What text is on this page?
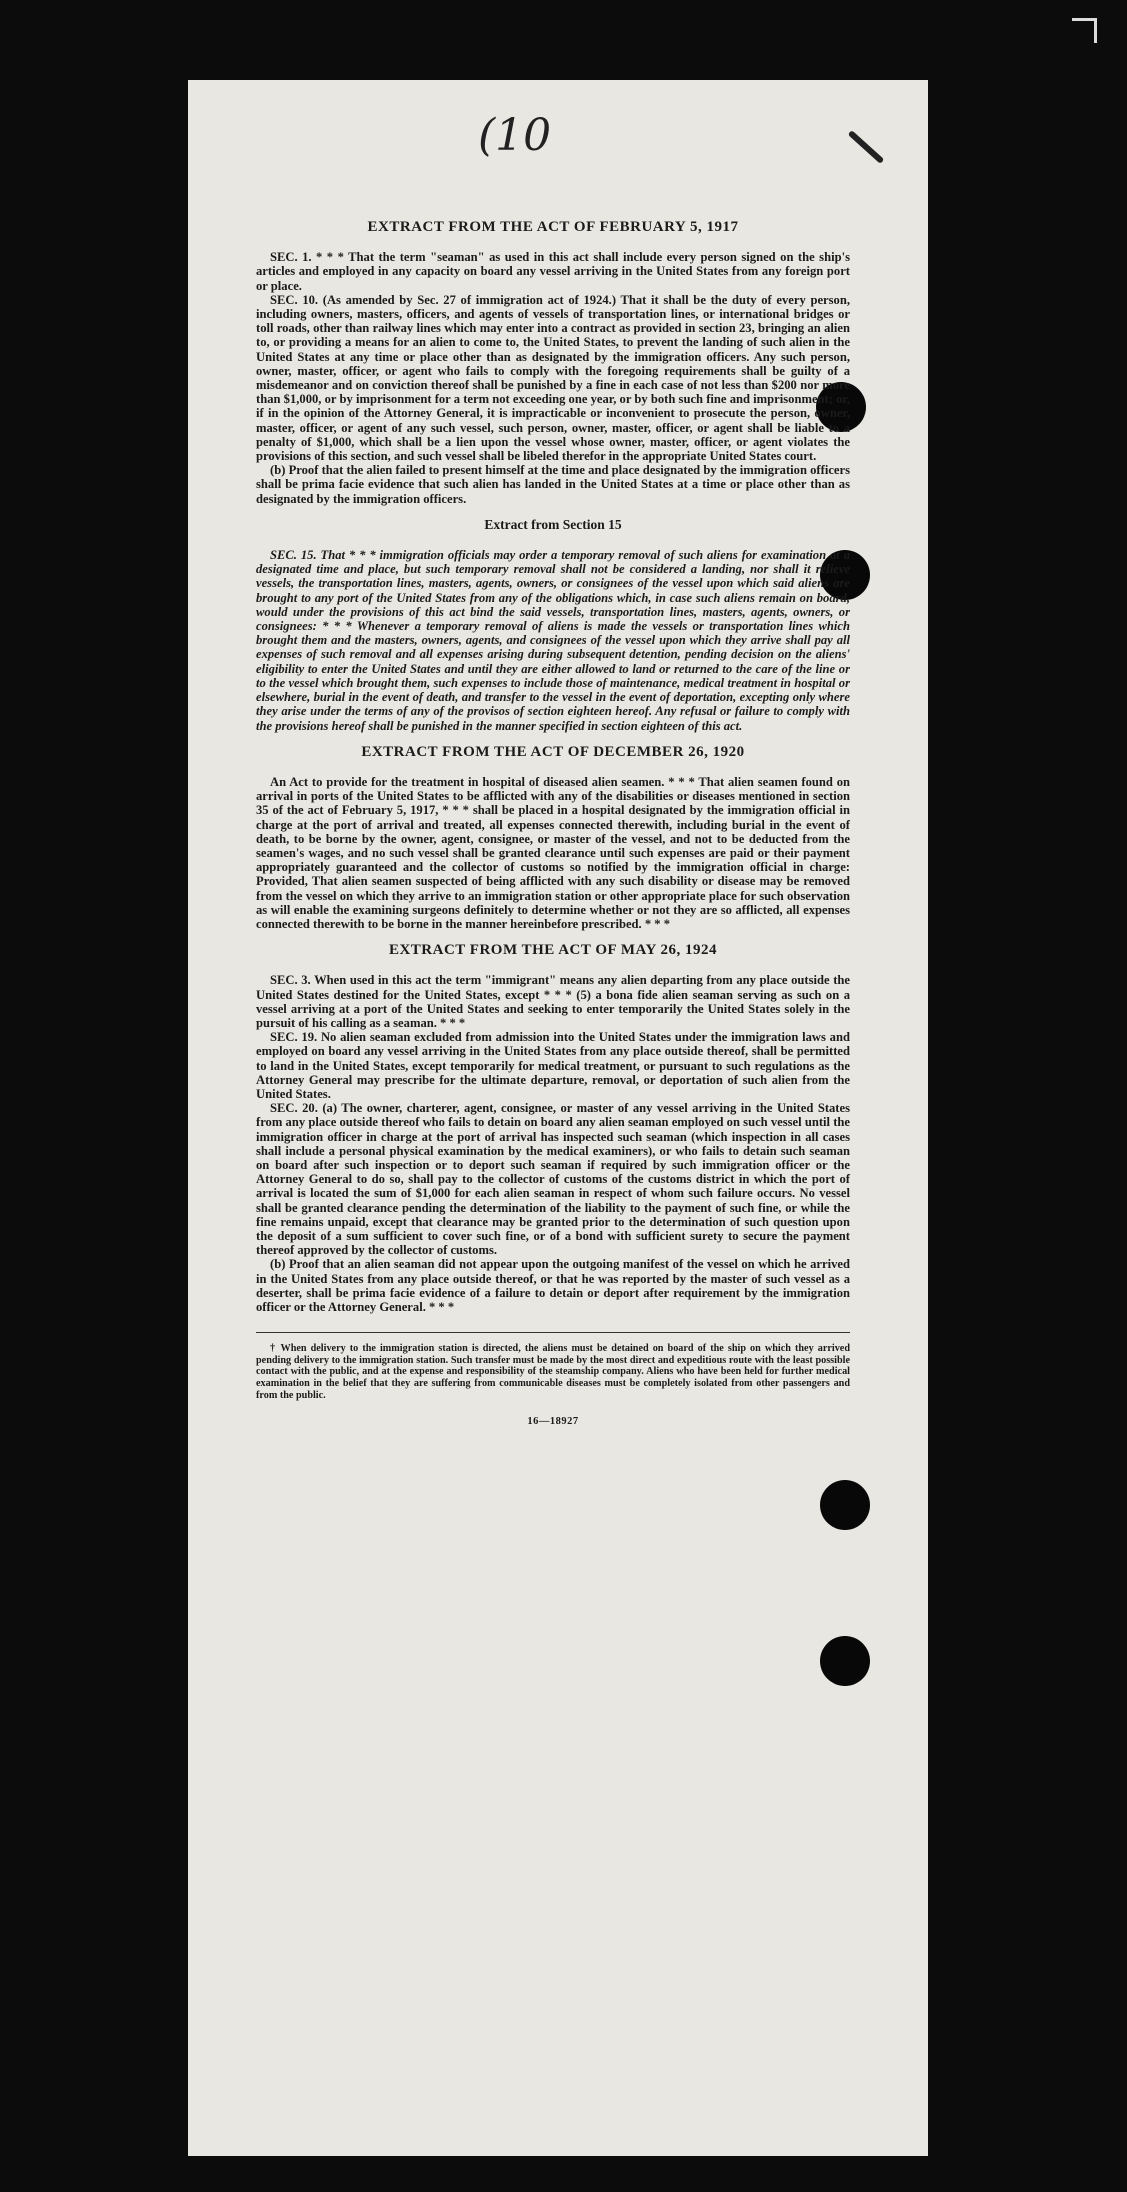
(10
EXTRACT FROM THE ACT OF FEBRUARY 5, 1917

SEC. 1. * * * That the term "seaman" as used in this act shall include every person signed on the ship's articles and employed in any capacity on board any vessel arriving in the United States from any foreign port or place.

SEC. 10. (As amended by Sec. 27 of immigration act of 1924.) That it shall be the duty of every person, including owners, masters, officers, and agents of vessels of transportation lines, or international bridges or toll roads, other than railway lines which may enter into a contract as provided in section 23, bringing an alien to, or providing a means for an alien to come to, the United States, to prevent the landing of such alien in the United States at any time or place other than as designated by the immigration officers. Any such person, owner, master, officer, or agent who fails to comply with the foregoing requirements shall be guilty of a misdemeanor and on conviction thereof shall be punished by a fine in each case of not less than $200 nor more than $1,000, or by imprisonment for a term not exceeding one year, or by both such fine and imprisonment; or, if in the opinion of the Attorney General, it is impracticable or inconvenient to prosecute the person, owner, master, officer, or agent of any such vessel, such person, owner, master, officer, or agent shall be liable to a penalty of $1,000, which shall be a lien upon the vessel whose owner, master, officer, or agent violates the provisions of this section, and such vessel shall be libeled therefor in the appropriate United States court.

(b) Proof that the alien failed to present himself at the time and place designated by the immigration officers shall be prima facie evidence that such alien has landed in the United States at a time or place other than as designated by the immigration officers.

Extract from Section 15

SEC. 15. That * * * immigration officials may order a temporary removal of such aliens for examination at a designated time and place, but such temporary removal shall not be considered a landing, nor shall it relieve vessels, the transportation lines, masters, agents, owners, or consignees of the vessel upon which said aliens are brought to any port of the United States from any of the obligations which, in case such aliens remain on board, would under the provisions of this act bind the said vessels, transportation lines, masters, agents, owners, or consignees: * * * Whenever a temporary removal of aliens is made the vessels or transportation lines which brought them and the masters, owners, agents, and consignees of the vessel upon which they arrive shall pay all expenses of such removal and all expenses arising during subsequent detention, pending decision on the aliens' eligibility to enter the United States and until they are either allowed to land or returned to the care of the line or to the vessel which brought them, such expenses to include those of maintenance, medical treatment in hospital or elsewhere, burial in the event of death, and transfer to the vessel in the event of deportation, excepting only where they arise under the terms of any of the provisos of section eighteen hereof. Any refusal or failure to comply with the provisions hereof shall be punished in the manner specified in section eighteen of this act.

EXTRACT FROM THE ACT OF DECEMBER 26, 1920

An Act to provide for the treatment in hospital of diseased alien seamen. * * * That alien seamen found on arrival in ports of the United States to be afflicted with any of the disabilities or diseases mentioned in section 35 of the act of February 5, 1917, * * * shall be placed in a hospital designated by the immigration official in charge at the port of arrival and treated, all expenses connected therewith, including burial in the event of death, to be borne by the owner, agent, consignee, or master of the vessel, and not to be deducted from the seamen's wages, and no such vessel shall be granted clearance until such expenses are paid or their payment appropriately guaranteed and the collector of customs so notified by the immigration official in charge: Provided, That alien seamen suspected of being afflicted with any such disability or disease may be removed from the vessel on which they arrive to an immigration station or other appropriate place for such observation as will enable the examining surgeons definitely to determine whether or not they are so afflicted, all expenses connected therewith to be borne in the manner hereinbefore prescribed. * * *

EXTRACT FROM THE ACT OF MAY 26, 1924

SEC. 3. When used in this act the term "immigrant" means any alien departing from any place outside the United States destined for the United States, except * * * (5) a bona fide alien seaman serving as such on a vessel arriving at a port of the United States and seeking to enter temporarily the United States solely in the pursuit of his calling as a seaman. * * *

SEC. 19. No alien seaman excluded from admission into the United States under the immigration laws and employed on board any vessel arriving in the United States from any place outside thereof, shall be permitted to land in the United States, except temporarily for medical treatment, or pursuant to such regulations as the Attorney General may prescribe for the ultimate departure, removal, or deportation of such alien from the United States.

SEC. 20. (a) The owner, charterer, agent, consignee, or master of any vessel arriving in the United States from any place outside thereof who fails to detain on board any alien seaman employed on such vessel until the immigration officer in charge at the port of arrival has inspected such seaman (which inspection in all cases shall include a personal physical examination by the medical examiners), or who fails to detain such seaman on board after such inspection or to deport such seaman if required by such immigration officer or the Attorney General to do so, shall pay to the collector of customs of the customs district in which the port of arrival is located the sum of $1,000 for each alien seaman in respect of whom such failure occurs. No vessel shall be granted clearance pending the determination of the liability to the payment of such fine, or while the fine remains unpaid, except that clearance may be granted prior to the determination of such question upon the deposit of a sum sufficient to cover such fine, or of a bond with sufficient surety to secure the payment thereof approved by the collector of customs.

(b) Proof that an alien seaman did not appear upon the outgoing manifest of the vessel on which he arrived in the United States from any place outside thereof, or that he was reported by the master of such vessel as a deserter, shall be prima facie evidence of a failure to detain or deport after requirement by the immigration officer or the Attorney General. * * *

† When delivery to the immigration station is directed, the aliens must be detained on board of the ship on which they arrived pending delivery to the immigration station. Such transfer must be made by the most direct and expeditious route with the least possible contact with the public, and at the expense and responsibility of the steamship company. Aliens who have been held for further medical examination in the belief that they are suffering from communicable diseases must be completely isolated from other passengers and from the public.
16—18927
